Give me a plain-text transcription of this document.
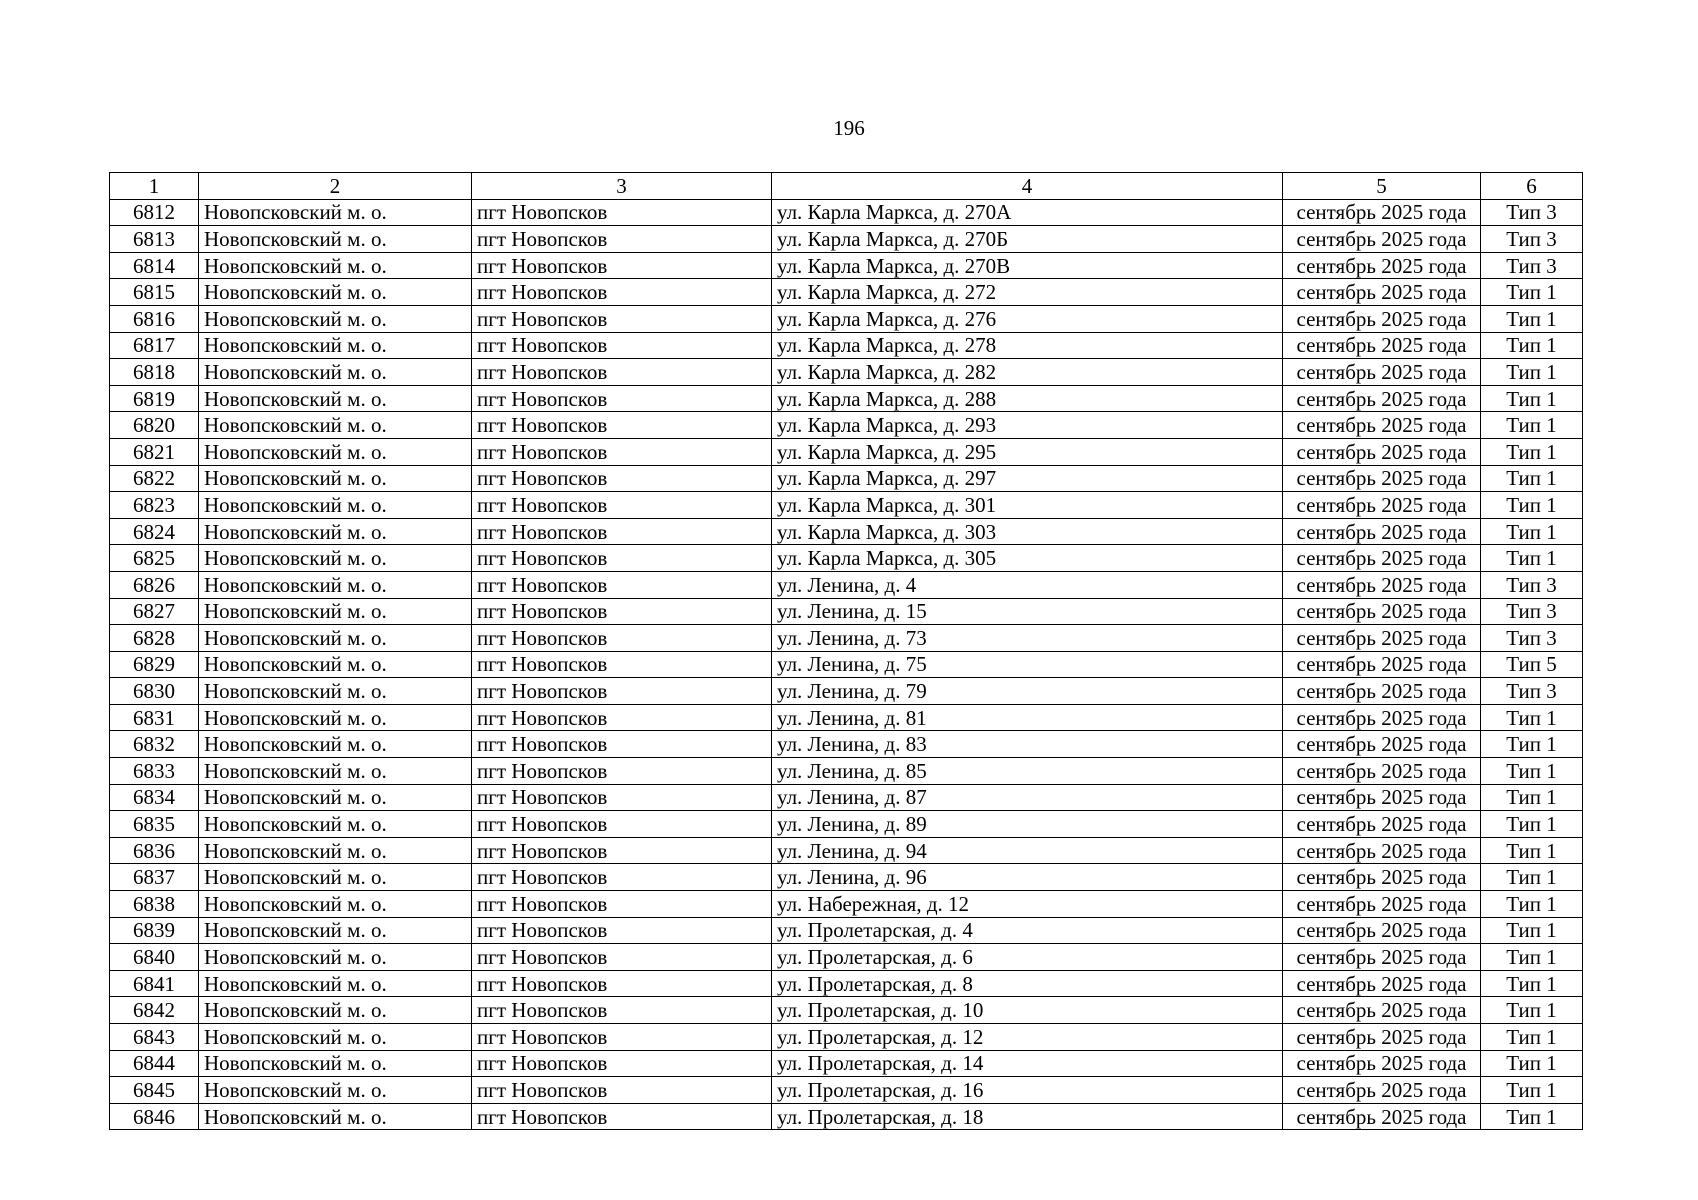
196
1	2	3	4	5	6
6812	Новопсковский м. о.	пгт Новопсков	ул. Карла Маркса, д. 270А	сентябрь 2025 года	Тип 3
6813	Новопсковский м. о.	пгт Новопсков	ул. Карла Маркса, д. 270Б	сентябрь 2025 года	Тип 3
6814	Новопсковский м. о.	пгт Новопсков	ул. Карла Маркса, д. 270В	сентябрь 2025 года	Тип 3
6815	Новопсковский м. о.	пгт Новопсков	ул. Карла Маркса, д. 272	сентябрь 2025 года	Тип 1
6816	Новопсковский м. о.	пгт Новопсков	ул. Карла Маркса, д. 276	сентябрь 2025 года	Тип 1
6817	Новопсковский м. о.	пгт Новопсков	ул. Карла Маркса, д. 278	сентябрь 2025 года	Тип 1
6818	Новопсковский м. о.	пгт Новопсков	ул. Карла Маркса, д. 282	сентябрь 2025 года	Тип 1
6819	Новопсковский м. о.	пгт Новопсков	ул. Карла Маркса, д. 288	сентябрь 2025 года	Тип 1
6820	Новопсковский м. о.	пгт Новопсков	ул. Карла Маркса, д. 293	сентябрь 2025 года	Тип 1
6821	Новопсковский м. о.	пгт Новопсков	ул. Карла Маркса, д. 295	сентябрь 2025 года	Тип 1
6822	Новопсковский м. о.	пгт Новопсков	ул. Карла Маркса, д. 297	сентябрь 2025 года	Тип 1
6823	Новопсковский м. о.	пгт Новопсков	ул. Карла Маркса, д. 301	сентябрь 2025 года	Тип 1
6824	Новопсковский м. о.	пгт Новопсков	ул. Карла Маркса, д. 303	сентябрь 2025 года	Тип 1
6825	Новопсковский м. о.	пгт Новопсков	ул. Карла Маркса, д. 305	сентябрь 2025 года	Тип 1
6826	Новопсковский м. о.	пгт Новопсков	ул. Ленина, д. 4	сентябрь 2025 года	Тип 3
6827	Новопсковский м. о.	пгт Новопсков	ул. Ленина, д. 15	сентябрь 2025 года	Тип 3
6828	Новопсковский м. о.	пгт Новопсков	ул. Ленина, д. 73	сентябрь 2025 года	Тип 3
6829	Новопсковский м. о.	пгт Новопсков	ул. Ленина, д. 75	сентябрь 2025 года	Тип 5
6830	Новопсковский м. о.	пгт Новопсков	ул. Ленина, д. 79	сентябрь 2025 года	Тип 3
6831	Новопсковский м. о.	пгт Новопсков	ул. Ленина, д. 81	сентябрь 2025 года	Тип 1
6832	Новопсковский м. о.	пгт Новопсков	ул. Ленина, д. 83	сентябрь 2025 года	Тип 1
6833	Новопсковский м. о.	пгт Новопсков	ул. Ленина, д. 85	сентябрь 2025 года	Тип 1
6834	Новопсковский м. о.	пгт Новопсков	ул. Ленина, д. 87	сентябрь 2025 года	Тип 1
6835	Новопсковский м. о.	пгт Новопсков	ул. Ленина, д. 89	сентябрь 2025 года	Тип 1
6836	Новопсковский м. о.	пгт Новопсков	ул. Ленина, д. 94	сентябрь 2025 года	Тип 1
6837	Новопсковский м. о.	пгт Новопсков	ул. Ленина, д. 96	сентябрь 2025 года	Тип 1
6838	Новопсковский м. о.	пгт Новопсков	ул. Набережная, д. 12	сентябрь 2025 года	Тип 1
6839	Новопсковский м. о.	пгт Новопсков	ул. Пролетарская, д. 4	сентябрь 2025 года	Тип 1
6840	Новопсковский м. о.	пгт Новопсков	ул. Пролетарская, д. 6	сентябрь 2025 года	Тип 1
6841	Новопсковский м. о.	пгт Новопсков	ул. Пролетарская, д. 8	сентябрь 2025 года	Тип 1
6842	Новопсковский м. о.	пгт Новопсков	ул. Пролетарская, д. 10	сентябрь 2025 года	Тип 1
6843	Новопсковский м. о.	пгт Новопсков	ул. Пролетарская, д. 12	сентябрь 2025 года	Тип 1
6844	Новопсковский м. о.	пгт Новопсков	ул. Пролетарская, д. 14	сентябрь 2025 года	Тип 1
6845	Новопсковский м. о.	пгт Новопсков	ул. Пролетарская, д. 16	сентябрь 2025 года	Тип 1
6846	Новопсковский м. о.	пгт Новопсков	ул. Пролетарская, д. 18	сентябрь 2025 года	Тип 1
